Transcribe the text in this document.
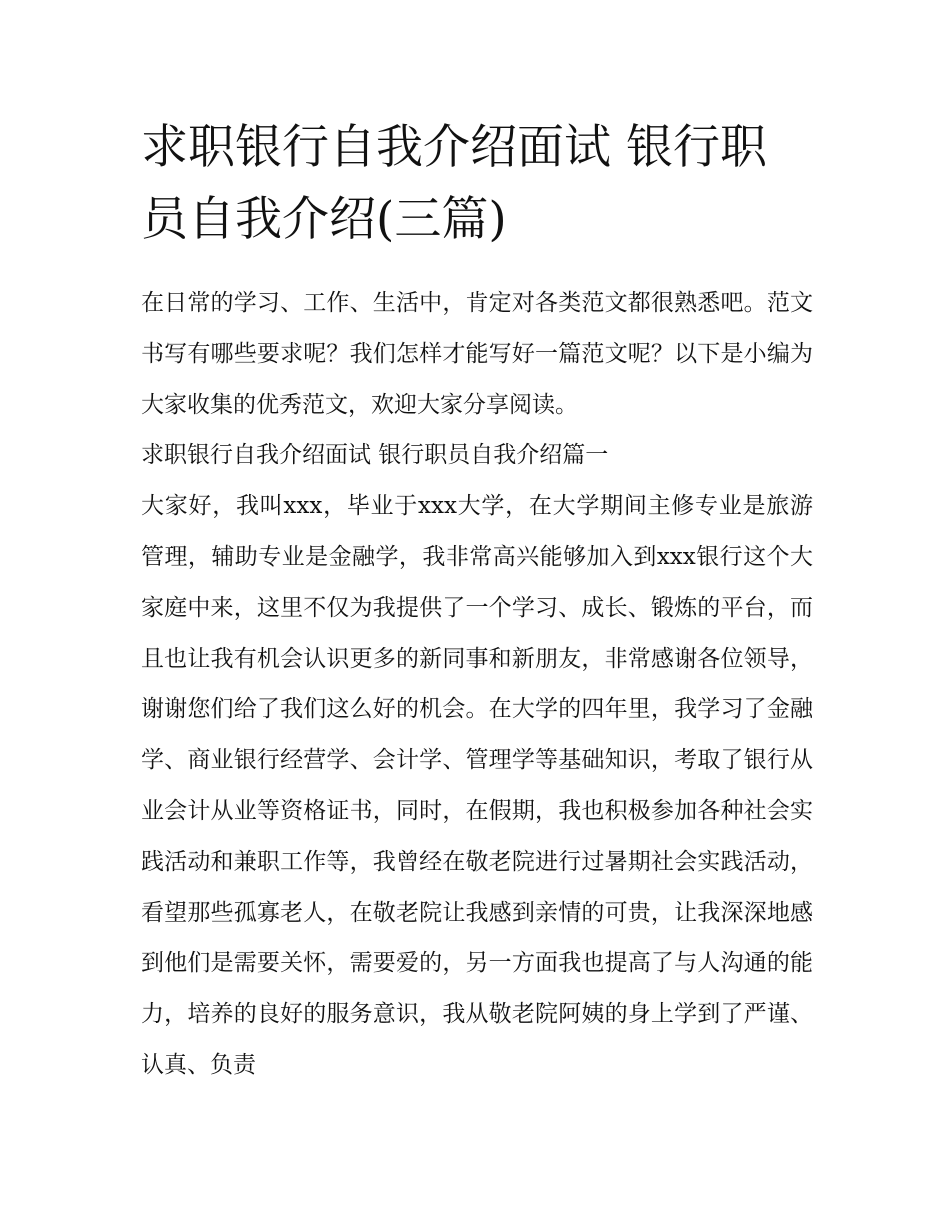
求职银行自我介绍面试 银行职员自我介绍(三篇)

在日常的学习、工作、生活中，肯定对各类范文都很熟悉吧。范文书写有哪些要求呢？我们怎样才能写好一篇范文呢？以下是小编为大家收集的优秀范文，欢迎大家分享阅读。

求职银行自我介绍面试 银行职员自我介绍篇一

大家好，我叫xxx，毕业于xxx大学，在大学期间主修专业是旅游管理，辅助专业是金融学，我非常高兴能够加入到xxx银行这个大家庭中来，这里不仅为我提供了一个学习、成长、锻炼的平台，而且也让我有机会认识更多的新同事和新朋友，非常感谢各位领导，谢谢您们给了我们这么好的机会。在大学的四年里，我学习了金融学、商业银行经营学、会计学、管理学等基础知识，考取了银行从业会计从业等资格证书，同时，在假期，我也积极参加各种社会实践活动和兼职工作等，我曾经在敬老院进行过暑期社会实践活动，看望那些孤寡老人，在敬老院让我感到亲情的可贵，让我深深地感到他们是需要关怀，需要爱的，另一方面我也提高了与人沟通的能力，培养的良好的服务意识，我从敬老院阿姨的身上学到了严谨、认真、负责
